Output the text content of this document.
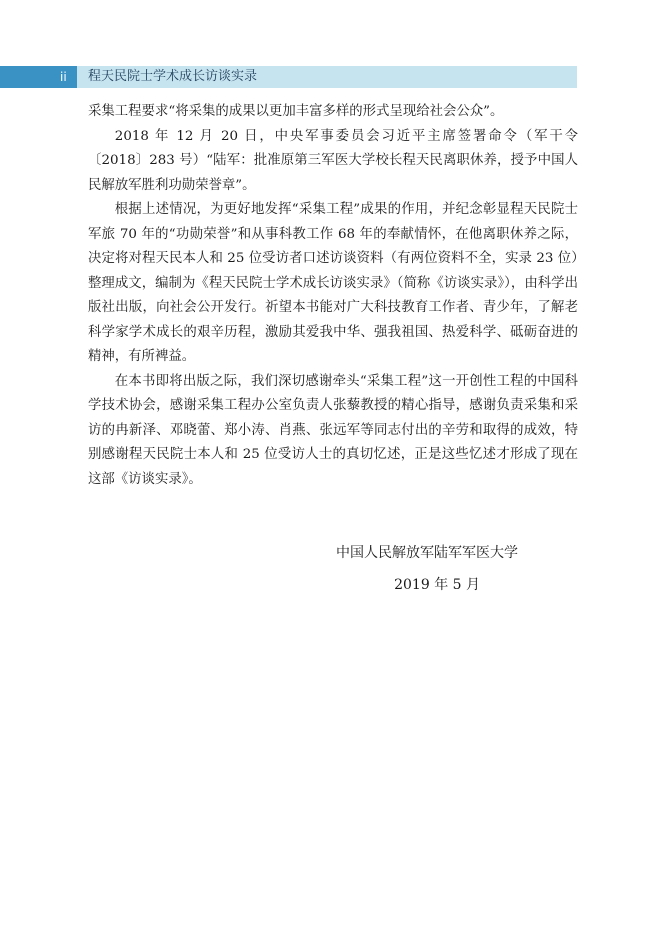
ii 程天民院士学术成长访谈实录

采集工程要求“将采集的成果以更加丰富多样的形式呈现给社会公众”。

2018 年 12 月 20 日，中央军事委员会习近平主席签署命令（军干令〔2018〕283 号）“陆军：批准原第三军医大学校长程天民离职休养，授予中国人民解放军胜利功勋荣誉章”。

根据上述情况，为更好地发挥“采集工程”成果的作用，并纪念彰显程天民院士军旅 70 年的“功勋荣誉”和从事科教工作 68 年的奉献情怀，在他离职休养之际，决定将对程天民本人和 25 位受访者口述访谈资料（有两位资料不全，实录 23 位）整理成文，编制为《程天民院士学术成长访谈实录》（简称《访谈实录》），由科学出版社出版，向社会公开发行。祈望本书能对广大科技教育工作者、青少年，了解老科学家学术成长的艰辛历程，激励其爱我中华、强我祖国、热爱科学、砥砺奋进的精神，有所裨益。

在本书即将出版之际，我们深切感谢牵头“采集工程”这一开创性工程的中国科学技术协会，感谢采集工程办公室负责人张藜教授的精心指导，感谢负责采集和采访的冉新泽、邓晓蕾、郑小涛、肖燕、张远军等同志付出的辛劳和取得的成效，特别感谢程天民院士本人和 25 位受访人士的真切忆述，正是这些忆述才形成了现在这部《访谈实录》。

中国人民解放军陆军军医大学
2019 年 5 月
